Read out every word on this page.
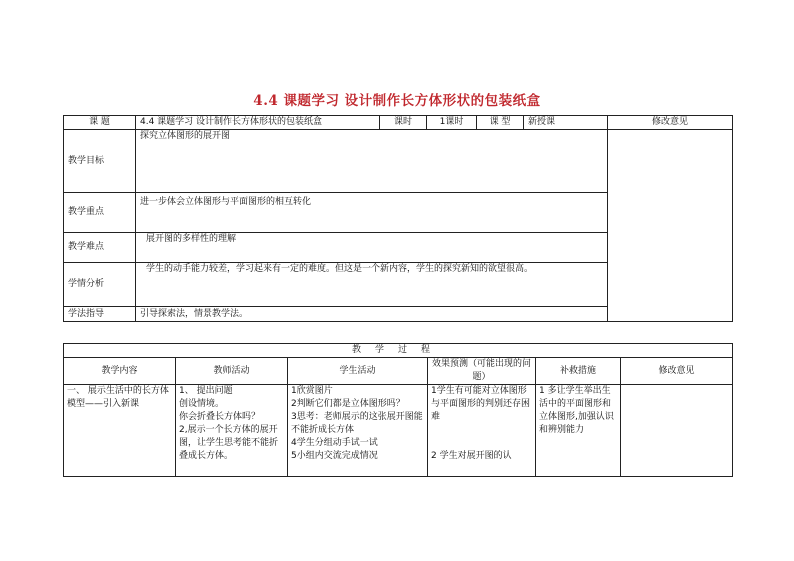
4.4 课题学习 设计制作长方体形状的包装纸盒
课 题	4.4 课题学习 设计制作长方体形状的包装纸盒	课时	1课时	课 型	新授课	修改意见
教学目标	探究立体图形的展开图					
教学重点	进一步体会立体图形与平面图形的相互转化					
教学难点	展开图的多样性的理解					
学情分析	学生的动手能力较差，学习起来有一定的难度。但这是一个新内容，学生的探究新知的欲望很高。					
学法指导	引导探索法，情景教学法。					
教学过程					
教学内容	教师活动	学生活动	效果预测（可能出现的问题）	补救措施	修改意见
一、 展示生活中的长方体模型——引入新课	1、 提出问题
创设情境。
你会折叠长方体吗？
2,展示一个长方体的展开图，让学生思考能不能折叠成长方体。	1欣赏图片
2判断它们都是立体图形吗？
3思考：老师展示的这张展开图能不能折成长方体
4学生分组动手试一试
5小组内交流完成情况	1学生有可能对立体图形与平面图形的判别还存困难

2 学生对展开图的认	1 多让学生举出生活中的平面图形和立体图形,加强认识和辨别能力	
